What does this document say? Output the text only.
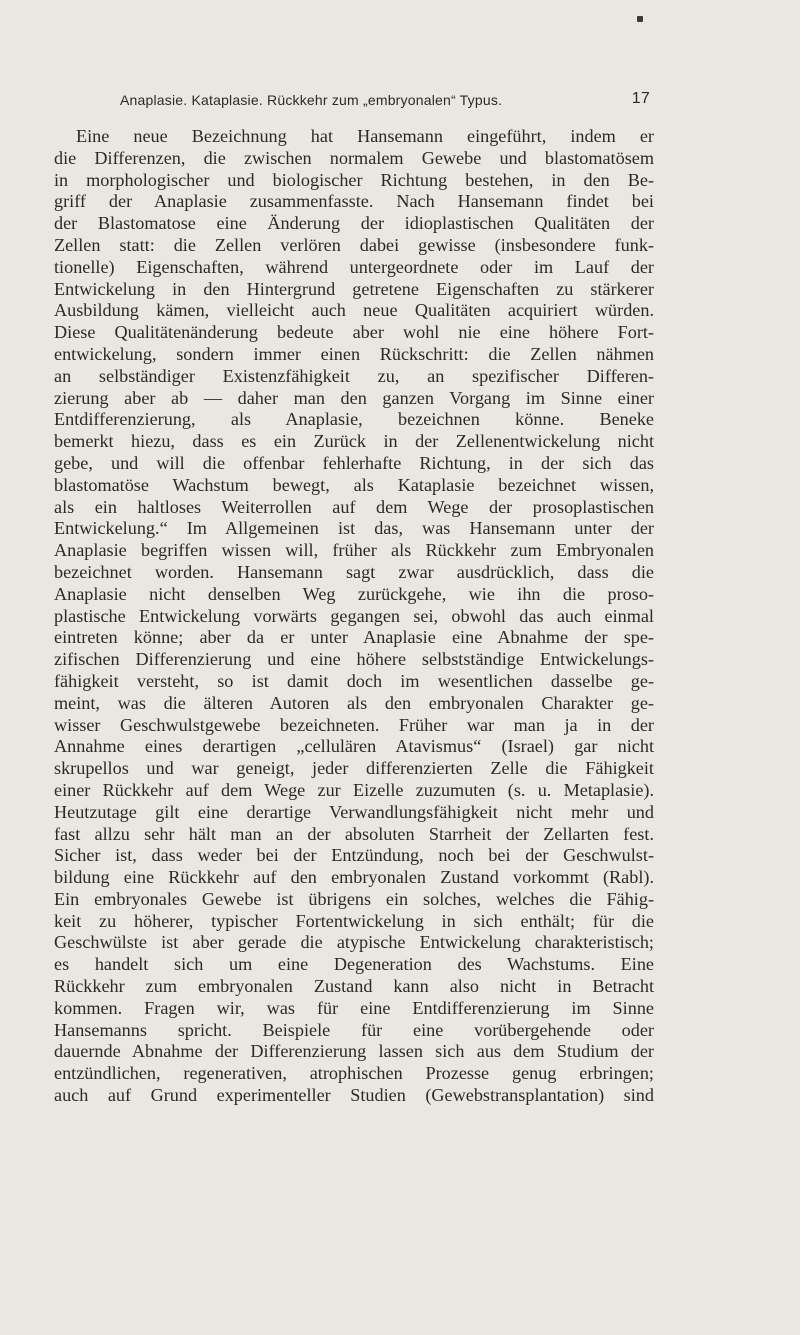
Anaplasie. Kataplasie. Rückkehr zum „embryonalen“ Typus.	17
Eine neue Bezeichnung hat Hansemann eingeführt, indem er
die Differenzen, die zwischen normalem Gewebe und blastomatösem
in morphologischer und biologischer Richtung bestehen, in den Be-
griff der Anaplasie zusammenfasste. Nach Hansemann findet bei
der Blastomatose eine Änderung der idioplastischen Qualitäten der
Zellen statt: die Zellen verlören dabei gewisse (insbesondere funk-
tionelle) Eigenschaften, während untergeordnete oder im Lauf der
Entwickelung in den Hintergrund getretene Eigenschaften zu stärkerer
Ausbildung kämen, vielleicht auch neue Qualitäten acquiriert würden.
Diese Qualitätenänderung bedeute aber wohl nie eine höhere Fort-
entwickelung, sondern immer einen Rückschritt: die Zellen nähmen
an selbständiger Existenzfähigkeit zu, an spezifischer Differen-
zierung aber ab — daher man den ganzen Vorgang im Sinne einer
Entdifferenzierung, als Anaplasie, bezeichnen könne. Beneke
bemerkt hiezu, dass es ein Zurück in der Zellenentwickelung nicht
gebe, und will die offenbar fehlerhafte Richtung, in der sich das
blastomatöse Wachstum bewegt, als Kataplasie bezeichnet wissen,
als ein haltloses Weiterrollen auf dem Wege der prosoplastischen
Entwickelung.“ Im Allgemeinen ist das, was Hansemann unter der
Anaplasie begriffen wissen will, früher als Rückkehr zum Embryonalen
bezeichnet worden. Hansemann sagt zwar ausdrücklich, dass die
Anaplasie nicht denselben Weg zurückgehe, wie ihn die proso-
plastische Entwickelung vorwärts gegangen sei, obwohl das auch einmal
eintreten könne; aber da er unter Anaplasie eine Abnahme der spe-
zifischen Differenzierung und eine höhere selbstständige Entwickelungs-
fähigkeit versteht, so ist damit doch im wesentlichen dasselbe ge-
meint, was die älteren Autoren als den embryonalen Charakter ge-
wisser Geschwulstgewebe bezeichneten. Früher war man ja in der
Annahme eines derartigen „cellulären Atavismus“ (Israel) gar nicht
skrupellos und war geneigt, jeder differenzierten Zelle die Fähigkeit
einer Rückkehr auf dem Wege zur Eizelle zuzumuten (s. u. Metaplasie).
Heutzutage gilt eine derartige Verwandlungsfähigkeit nicht mehr und
fast allzu sehr hält man an der absoluten Starrheit der Zellarten fest.
Sicher ist, dass weder bei der Entzündung, noch bei der Geschwulst-
bildung eine Rückkehr auf den embryonalen Zustand vorkommt (Rabl).
Ein embryonales Gewebe ist übrigens ein solches, welches die Fähig-
keit zu höherer, typischer Fortentwickelung in sich enthält; für die
Geschwülste ist aber gerade die atypische Entwickelung charakteristisch;
es handelt sich um eine Degeneration des Wachstums. Eine
Rückkehr zum embryonalen Zustand kann also nicht in Betracht
kommen. Fragen wir, was für eine Entdifferenzierung im Sinne
Hansemanns spricht. Beispiele für eine vorübergehende oder
dauernde Abnahme der Differenzierung lassen sich aus dem Studium der
entzündlichen, regenerativen, atrophischen Prozesse genug erbringen;
auch auf Grund experimenteller Studien (Gewebstransplantation) sind
